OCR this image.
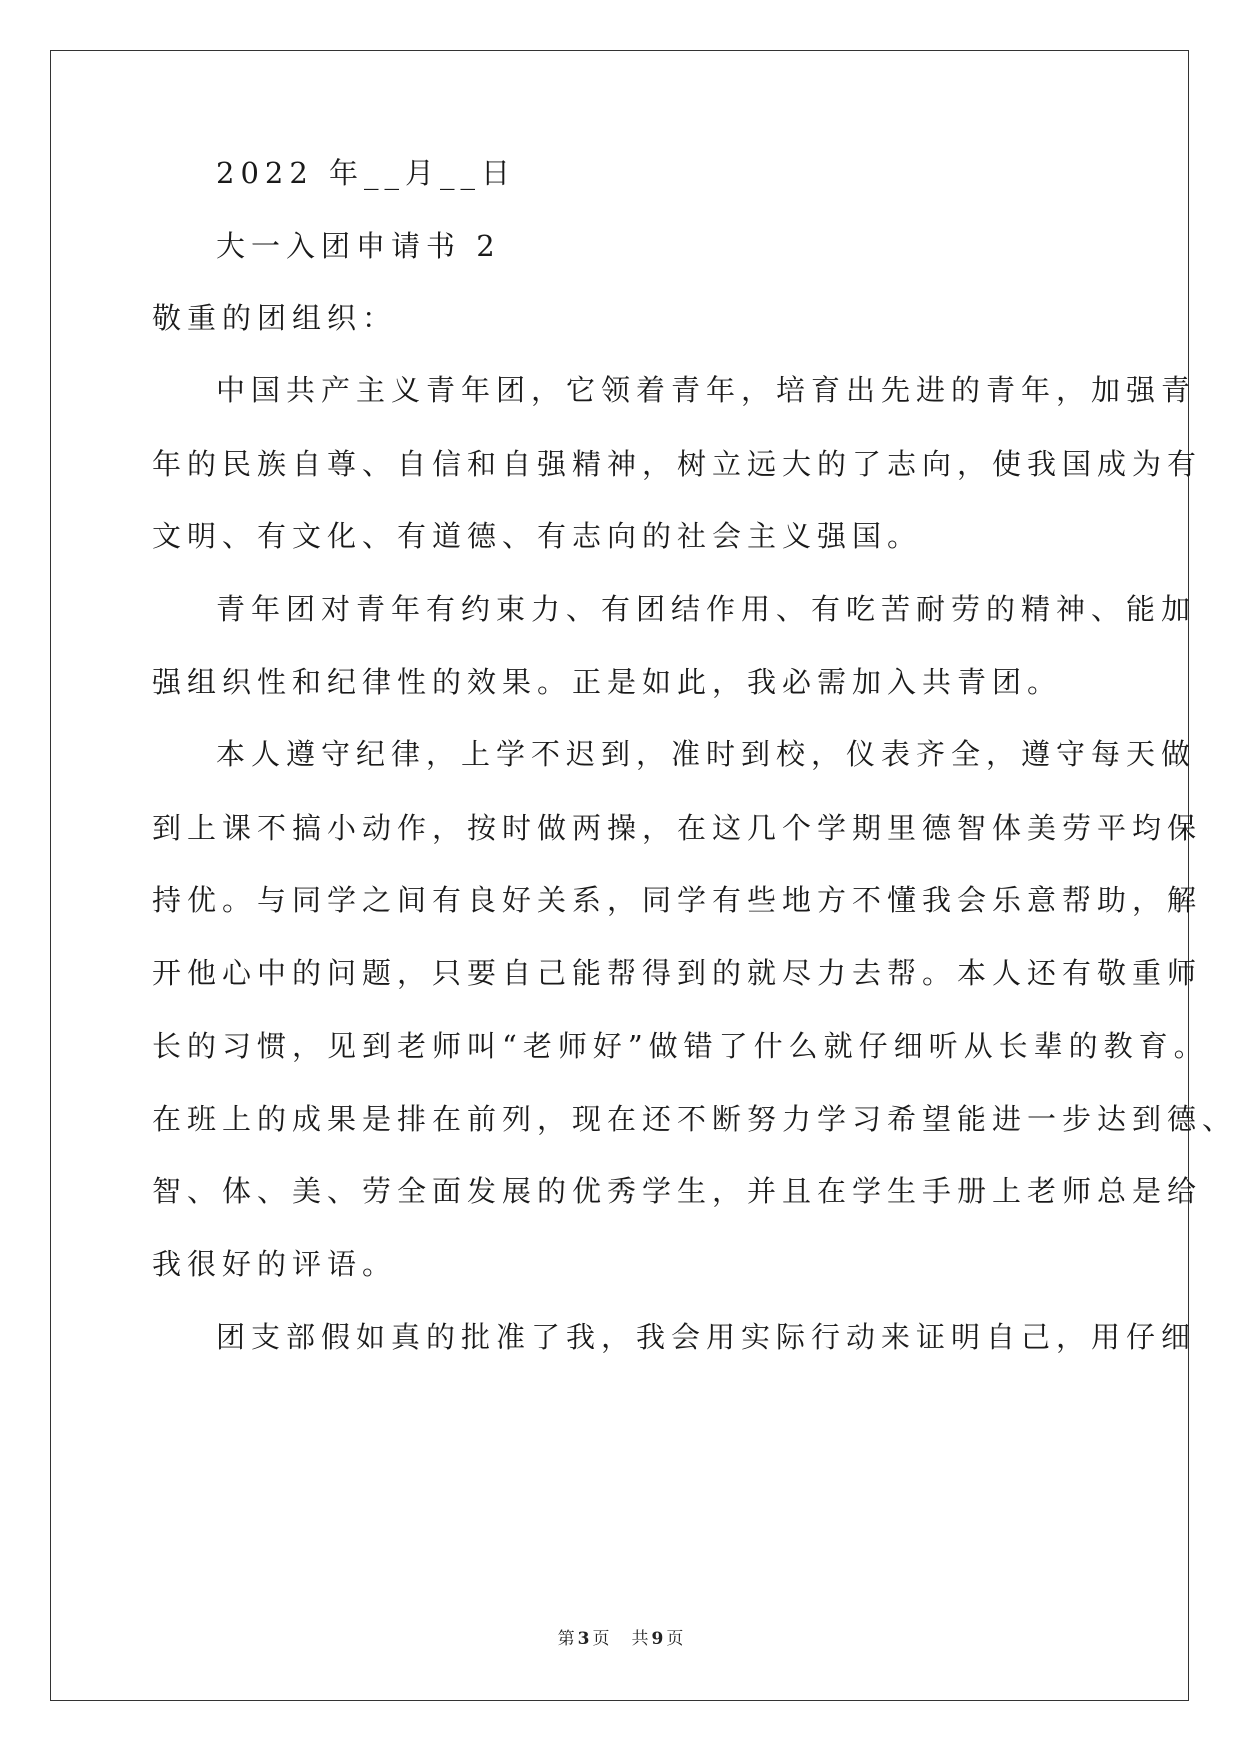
2022 年__月__日
大一入团申请书 2
敬重的团组织：
中国共产主义青年团，它领着青年，培育出先进的青年，加强青
年的民族自尊、自信和自强精神，树立远大的了志向，使我国成为有
文明、有文化、有道德、有志向的社会主义强国。
青年团对青年有约束力、有团结作用、有吃苦耐劳的精神、能加
强组织性和纪律性的效果。正是如此，我必需加入共青团。
本人遵守纪律，上学不迟到，准时到校，仪表齐全，遵守每天做
到上课不搞小动作，按时做两操，在这几个学期里德智体美劳平均保
持优。与同学之间有良好关系，同学有些地方不懂我会乐意帮助，解
开他心中的问题，只要自己能帮得到的就尽力去帮。本人还有敬重师
长的习惯，见到老师叫“老师好”做错了什么就仔细听从长辈的教育。
在班上的成果是排在前列，现在还不断努力学习希望能进一步达到德、
智、体、美、劳全面发展的优秀学生，并且在学生手册上老师总是给
我很好的评语。
团支部假如真的批准了我，我会用实际行动来证明自己，用仔细
第 3 页 共 9 页
